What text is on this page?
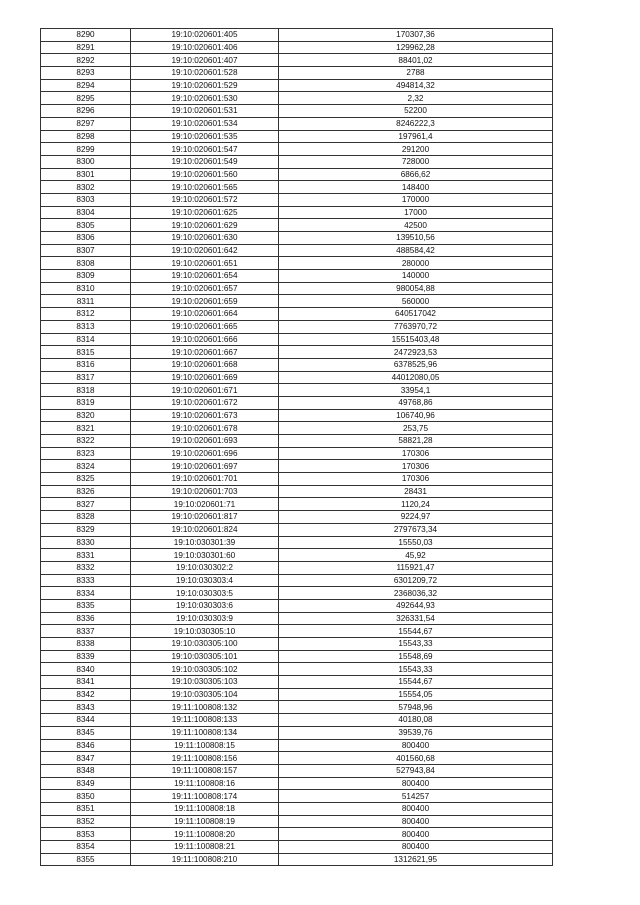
8290	19:10:020601:405	170307,36
8291	19:10:020601:406	129962,28
8292	19:10:020601:407	88401,02
8293	19:10:020601:528	2788
8294	19:10:020601:529	494814,32
8295	19:10:020601:530	2,32
8296	19:10:020601:531	52200
8297	19:10:020601:534	8246222,3
8298	19:10:020601:535	197961,4
8299	19:10:020601:547	291200
8300	19:10:020601:549	728000
8301	19:10:020601:560	6866,62
8302	19:10:020601:565	148400
8303	19:10:020601:572	170000
8304	19:10:020601:625	17000
8305	19:10:020601:629	42500
8306	19:10:020601:630	139510,56
8307	19:10:020601:642	488584,42
8308	19:10:020601:651	280000
8309	19:10:020601:654	140000
8310	19:10:020601:657	980054,88
8311	19:10:020601:659	560000
8312	19:10:020601:664	640517042
8313	19:10:020601:665	7763970,72
8314	19:10:020601:666	15515403,48
8315	19:10:020601:667	2472923,53
8316	19:10:020601:668	6378525,96
8317	19:10:020601:669	44012080,05
8318	19:10:020601:671	33954,1
8319	19:10:020601:672	49768,86
8320	19:10:020601:673	106740,96
8321	19:10:020601:678	253,75
8322	19:10:020601:693	58821,28
8323	19:10:020601:696	170306
8324	19:10:020601:697	170306
8325	19:10:020601:701	170306
8326	19:10:020601:703	28431
8327	19:10:020601:71	1120,24
8328	19:10:020601:817	9224,97
8329	19:10:020601:824	2797673,34
8330	19:10:030301:39	15550,03
8331	19:10:030301:60	45,92
8332	19:10:030302:2	115921,47
8333	19:10:030303:4	6301209,72
8334	19:10:030303:5	2368036,32
8335	19:10:030303:6	492644,93
8336	19:10:030303:9	326331,54
8337	19:10:030305:10	15544,67
8338	19:10:030305:100	15543,33
8339	19:10:030305:101	15548,69
8340	19:10:030305:102	15543,33
8341	19:10:030305:103	15544,67
8342	19:10:030305:104	15554,05
8343	19:11:100808:132	57948,96
8344	19:11:100808:133	40180,08
8345	19:11:100808:134	39539,76
8346	19:11:100808:15	800400
8347	19:11:100808:156	401560,68
8348	19:11:100808:157	527943,84
8349	19:11:100808:16	800400
8350	19:11:100808:174	514257
8351	19:11:100808:18	800400
8352	19:11:100808:19	800400
8353	19:11:100808:20	800400
8354	19:11:100808:21	800400
8355	19:11:100808:210	1312621,95
